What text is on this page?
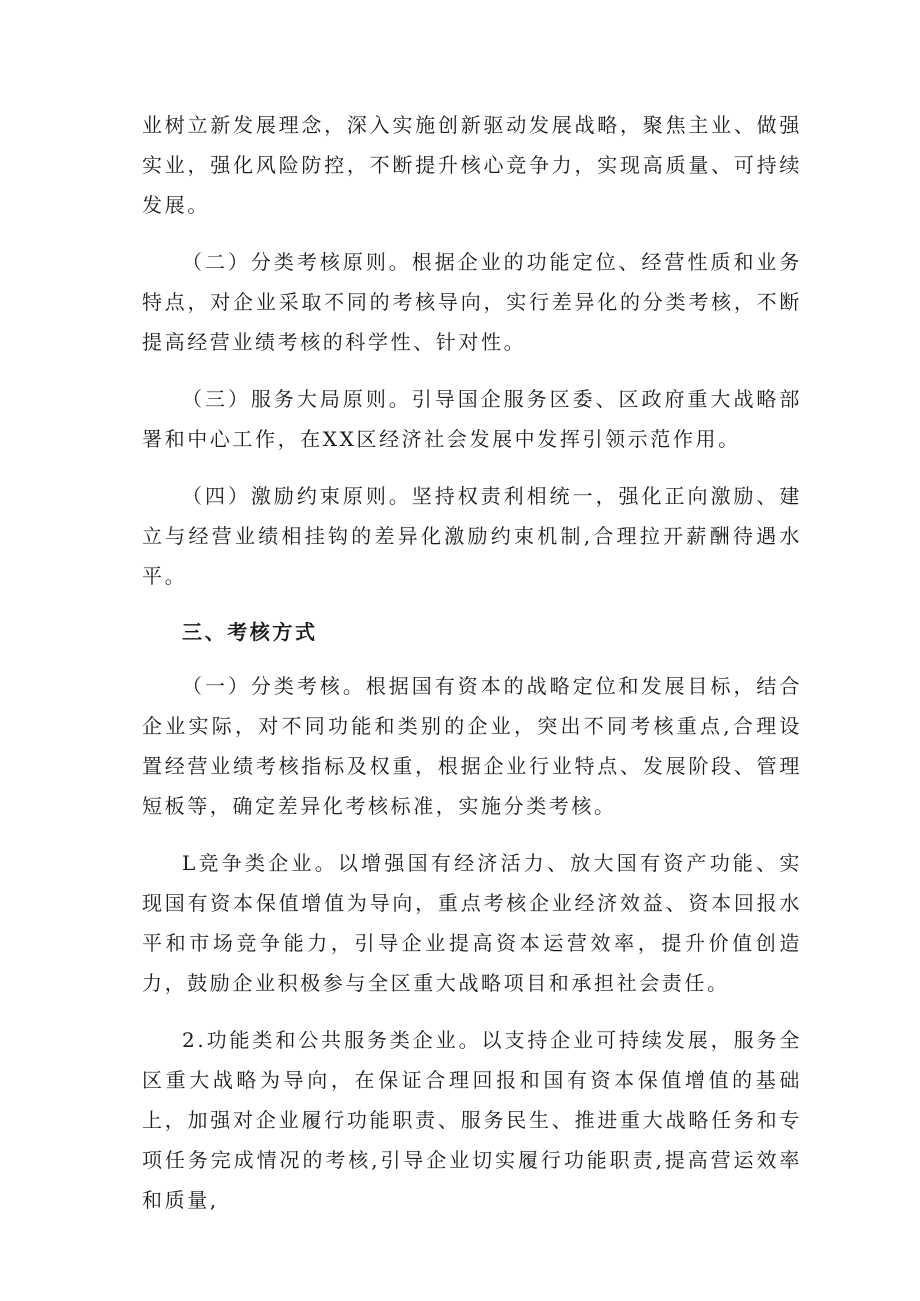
业树立新发展理念，深入实施创新驱动发展战略，聚焦主业、做强实业，强化风险防控，不断提升核心竞争力，实现高质量、可持续发展。

（二）分类考核原则。根据企业的功能定位、经营性质和业务特点，对企业采取不同的考核导向，实行差异化的分类考核，不断提高经营业绩考核的科学性、针对性。

（三）服务大局原则。引导国企服务区委、区政府重大战略部署和中心工作，在XX区经济社会发展中发挥引领示范作用。

（四）激励约束原则。坚持权责利相统一，强化正向激励、建立与经营业绩相挂钩的差异化激励约束机制,合理拉开薪酬待遇水平。

三、考核方式

（一）分类考核。根据国有资本的战略定位和发展目标，结合企业实际，对不同功能和类别的企业，突出不同考核重点,合理设置经营业绩考核指标及权重，根据企业行业特点、发展阶段、管理短板等，确定差异化考核标准，实施分类考核。

L竞争类企业。以增强国有经济活力、放大国有资产功能、实现国有资本保值增值为导向，重点考核企业经济效益、资本回报水平和市场竞争能力，引导企业提高资本运营效率，提升价值创造力，鼓励企业积极参与全区重大战略项目和承担社会责任。

2.功能类和公共服务类企业。以支持企业可持续发展，服务全区重大战略为导向，在保证合理回报和国有资本保值增值的基础上，加强对企业履行功能职责、服务民生、推进重大战略任务和专项任务完成情况的考核,引导企业切实履行功能职责,提高营运效率和质量,
